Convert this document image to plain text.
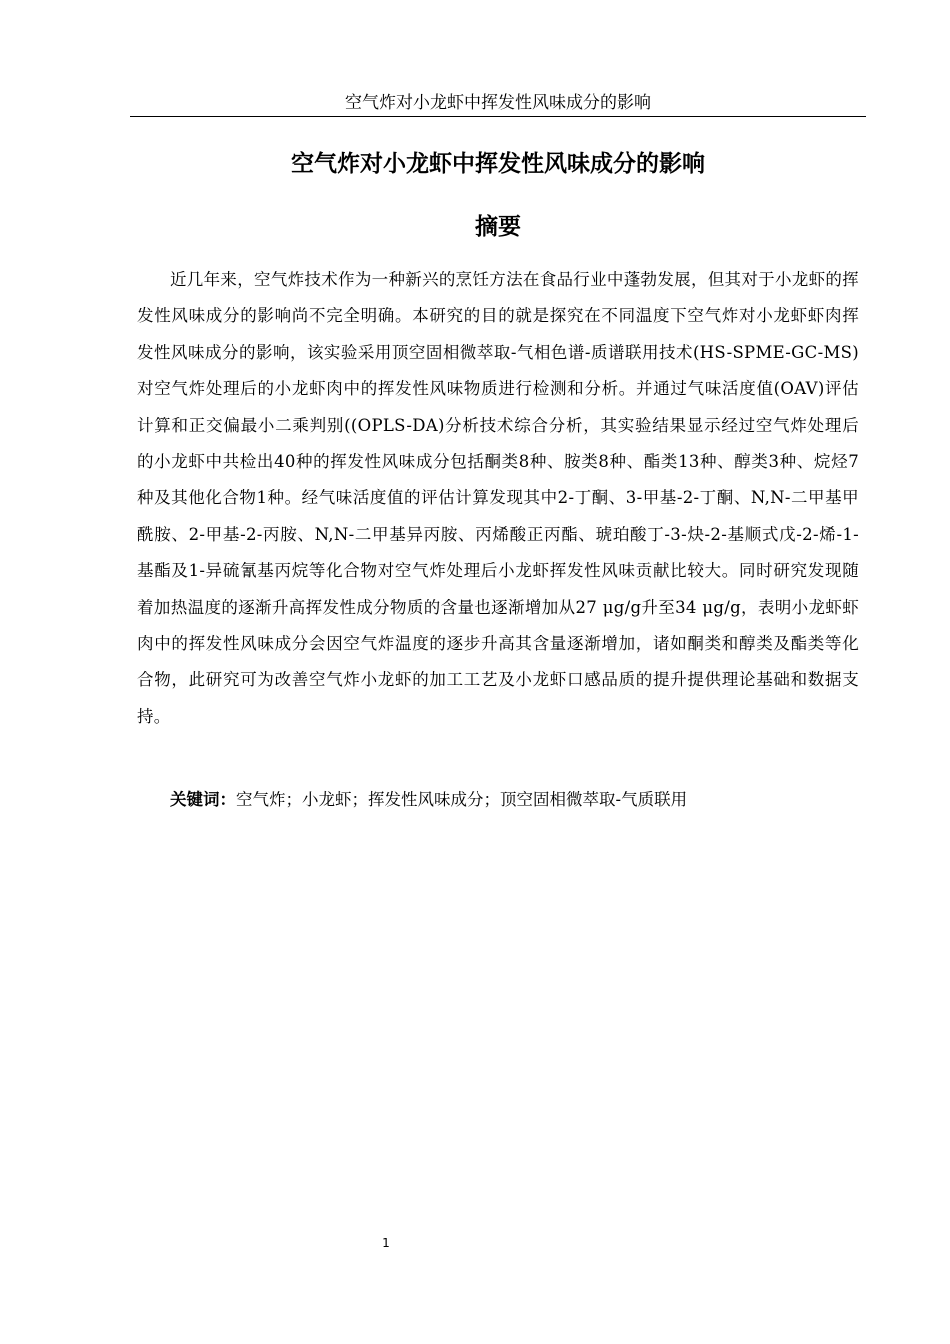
空气炸对小龙虾中挥发性风味成分的影响
空气炸对小龙虾中挥发性风味成分的影响
摘要

近几年来，空气炸技术作为一种新兴的烹饪方法在食品行业中蓬勃发展，但其对于小龙虾的挥发性风味成分的影响尚不完全明确。本研究的目的就是探究在不同温度下空气炸对小龙虾虾肉挥发性风味成分的影响，该实验采用顶空固相微萃取-气相色谱-质谱联用技术(HS-SPME-GC-MS)对空气炸处理后的小龙虾肉中的挥发性风味物质进行检测和分析。并通过气味活度值(OAV)评估计算和正交偏最小二乘判别((OPLS-DA)分析技术综合分析，其实验结果显示经过空气炸处理后的小龙虾中共检出40种的挥发性风味成分包括酮类8种、胺类8种、酯类13种、醇类3种、烷烃7种及其他化合物1种。经气味活度值的评估计算发现其中2-丁酮、3-甲基-2-丁酮、N,N-二甲基甲酰胺、2-甲基-2-丙胺、N,N-二甲基异丙胺、丙烯酸正丙酯、琥珀酸丁-3-炔-2-基顺式戊-2-烯-1-基酯及1-异硫氰基丙烷等化合物对空气炸处理后小龙虾挥发性风味贡献比较大。同时研究发现随着加热温度的逐渐升高挥发性成分物质的含量也逐渐增加从27 μg/g升至34 μg/g，表明小龙虾虾肉中的挥发性风味成分会因空气炸温度的逐步升高其含量逐渐增加，诸如酮类和醇类及酯类等化合物，此研究可为改善空气炸小龙虾的加工工艺及小龙虾口感品质的提升提供理论基础和数据支持。

关键词：空气炸；小龙虾；挥发性风味成分；顶空固相微萃取-气质联用

1
